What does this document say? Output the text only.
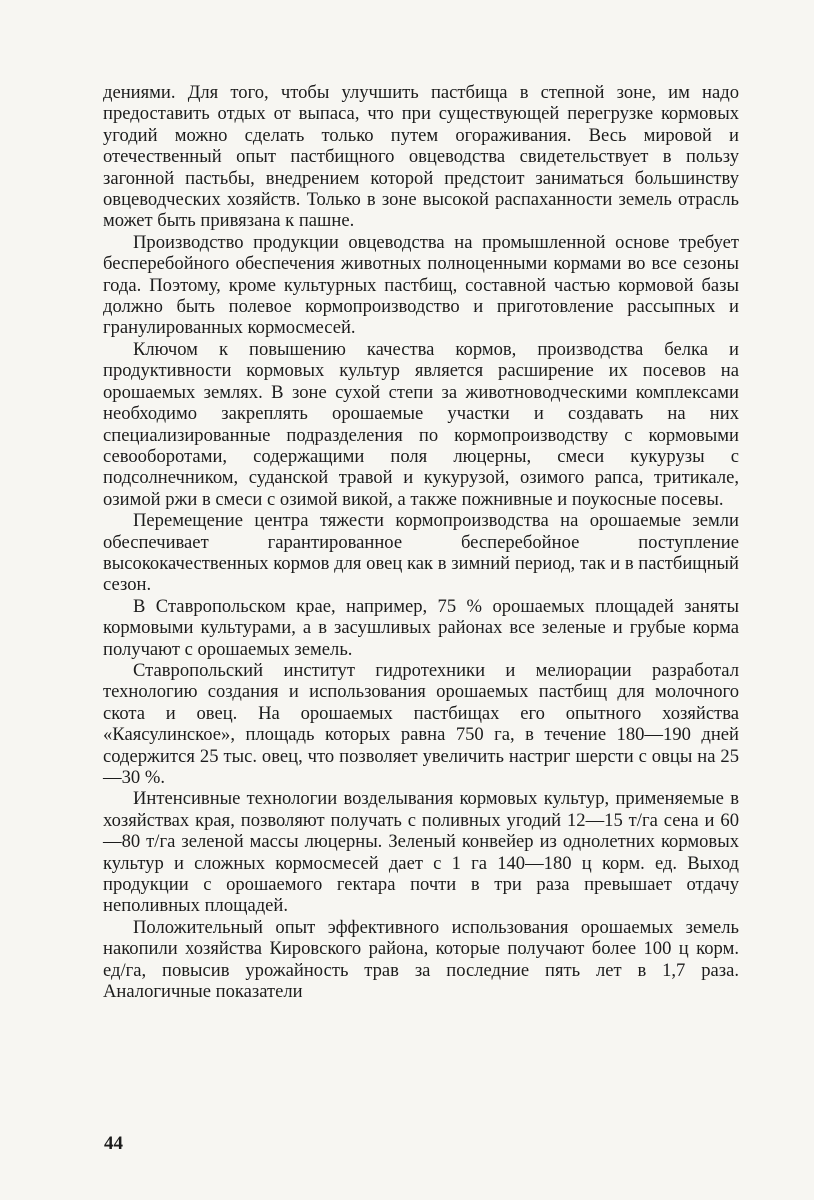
дениями. Для того, чтобы улучшить пастбища в степной зоне, им надо предоставить отдых от выпаса, что при существующей перегрузке кормовых угодий можно сделать только путем огораживания. Весь мировой и отечественный опыт пастбищного овцеводства свидетельствует в пользу загонной пастьбы, внедрением которой предстоит заниматься большинству овцеводческих хозяйств. Только в зоне высокой распаханности земель отрасль может быть привязана к пашне.

Производство продукции овцеводства на промышленной основе требует бесперебойного обеспечения животных полноценными кормами во все сезоны года. Поэтому, кроме культурных пастбищ, составной частью кормовой базы должно быть полевое кормопроизводство и приготовление рассыпных и гранулированных кормосмесей.

Ключом к повышению качества кормов, производства белка и продуктивности кормовых культур является расширение их посевов на орошаемых землях. В зоне сухой степи за животноводческими комплексами необходимо закреплять орошаемые участки и создавать на них специализированные подразделения по кормопроизводству с кормовыми севооборотами, содержащими поля люцерны, смеси кукурузы с подсолнечником, суданской травой и кукурузой, озимого рапса, тритикале, озимой ржи в смеси с озимой викой, а также пожнивные и поукосные посевы.

Перемещение центра тяжести кормопроизводства на орошаемые земли обеспечивает гарантированное бесперебойное поступление высококачественных кормов для овец как в зимний период, так и в пастбищный сезон.

В Ставропольском крае, например, 75 % орошаемых площадей заняты кормовыми культурами, а в засушливых районах все зеленые и грубые корма получают с орошаемых земель.

Ставропольский институт гидротехники и мелиорации разработал технологию создания и использования орошаемых пастбищ для молочного скота и овец. На орошаемых пастбищах его опытного хозяйства «Каясулинское», площадь которых равна 750 га, в течение 180—190 дней содержится 25 тыс. овец, что позволяет увеличить настриг шерсти с овцы на 25—30 %.

Интенсивные технологии возделывания кормовых культур, применяемые в хозяйствах края, позволяют получать с поливных угодий 12—15 т/га сена и 60—80 т/га зеленой массы люцерны. Зеленый конвейер из однолетних кормовых культур и сложных кормосмесей дает с 1 га 140—180 ц корм. ед. Выход продукции с орошаемого гектара почти в три раза превышает отдачу неполивных площадей.

Положительный опыт эффективного использования орошаемых земель накопили хозяйства Кировского района, которые получают более 100 ц корм. ед/га, повысив урожайность трав за последние пять лет в 1,7 раза. Аналогичные показатели

44
